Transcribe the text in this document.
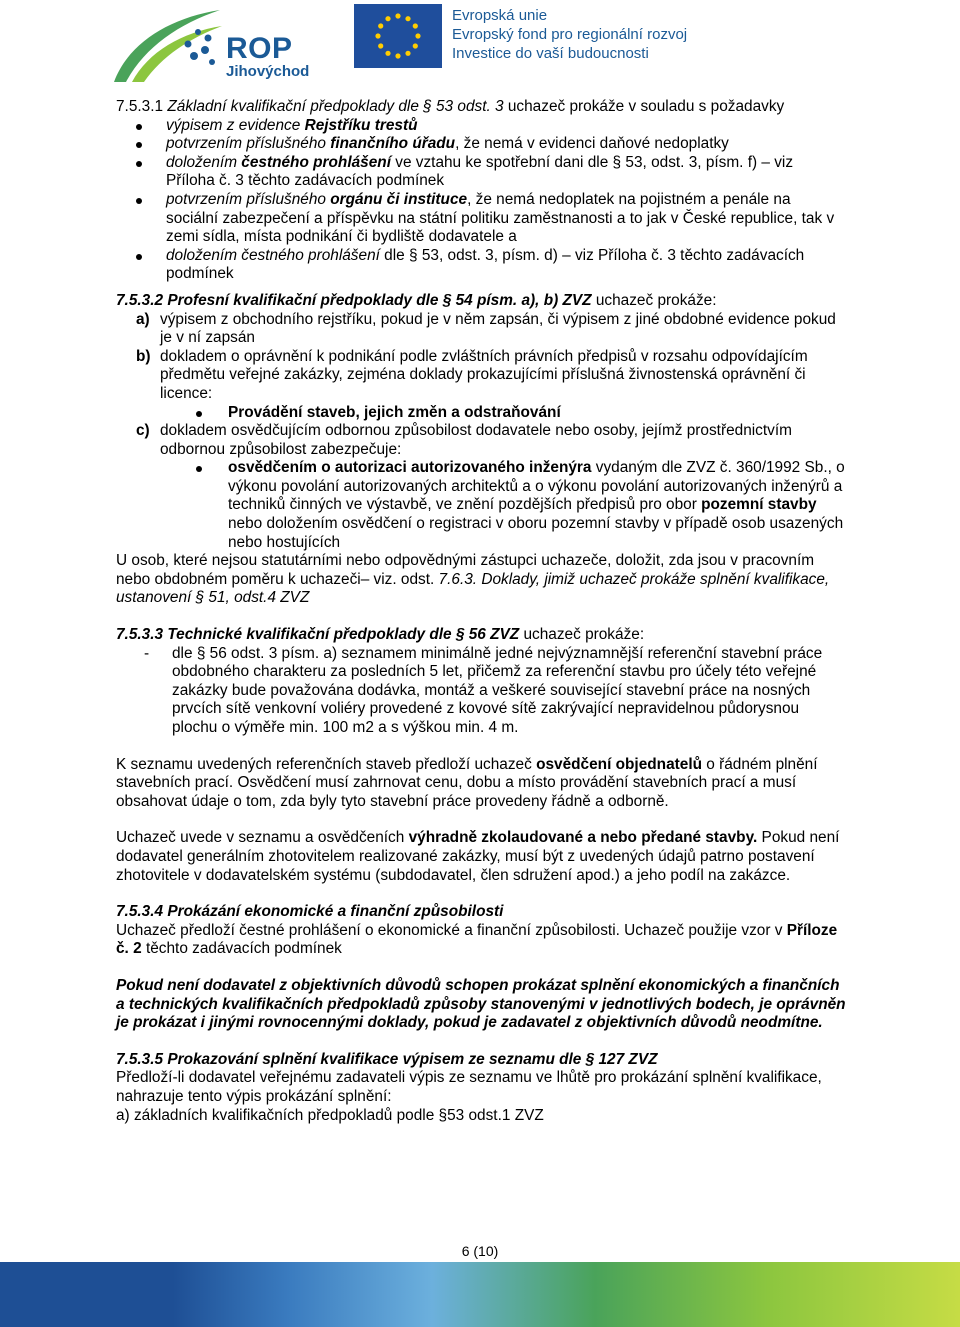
ROP
Jihovýchod
Evropská unie
Evropský fond pro regionální rozvoj
Investice do vaší budoucnosti

7.5.3.1 Základní kvalifikační předpoklady dle § 53 odst. 3 uchazeč prokáže v souladu s požadavky

výpisem z evidence Rejstříku trestů

potvrzením příslušného finančního úřadu, že nemá v evidenci daňové nedoplatky

doložením čestného prohlášení ve vztahu ke spotřební dani dle § 53, odst. 3, písm. f) – viz Příloha č. 3 těchto zadávacích podmínek

potvrzením příslušného orgánu či instituce, že nemá nedoplatek na pojistném a penále na sociální zabezpečení a příspěvku na státní politiku zaměstnanosti a to jak v České republice, tak v zemi sídla, místa podnikání či bydliště dodavatele a

doložením čestného prohlášení dle § 53, odst. 3, písm. d) – viz Příloha č. 3 těchto zadávacích podmínek

7.5.3.2 Profesní kvalifikační předpoklady dle § 54 písm. a), b) ZVZ uchazeč prokáže:

a) výpisem z obchodního rejstříku, pokud je v něm zapsán, či výpisem z jiné obdobné evidence pokud je v ní zapsán

b) dokladem o oprávnění k podnikání podle zvláštních právních předpisů v rozsahu odpovídajícím předmětu veřejné zakázky, zejména doklady prokazujícími příslušná živnostenská oprávnění či licence:

Provádění staveb, jejich změn a odstraňování

c) dokladem osvědčujícím odbornou způsobilost dodavatele nebo osoby, jejímž prostřednictvím odbornou způsobilost zabezpečuje:

osvědčením o autorizaci autorizovaného inženýra vydaným dle ZVZ č. 360/1992 Sb., o výkonu povolání autorizovaných architektů a o výkonu povolání autorizovaných inženýrů a techniků činných ve výstavbě, ve znění pozdějších předpisů pro obor pozemní stavby nebo doložením osvědčení o registraci v oboru pozemní stavby v případě osob usazených nebo hostujících

U osob, které nejsou statutárními nebo odpovědnými zástupci uchazeče, doložit, zda jsou v pracovním nebo obdobném poměru k uchazeči– viz. odst. 7.6.3. Doklady, jimiž uchazeč prokáže splnění kvalifikace, ustanovení § 51, odst.4 ZVZ

7.5.3.3 Technické kvalifikační předpoklady dle § 56 ZVZ uchazeč prokáže:

- dle § 56 odst. 3 písm. a) seznamem minimálně jedné nejvýznamnější referenční stavební práce obdobného charakteru za posledních 5 let, přičemž za referenční stavbu pro účely této veřejné zakázky bude považována dodávka, montáž a veškeré související stavební práce na nosných prvcích sítě venkovní voliéry provedené z kovové sítě zakrývající nepravidelnou půdorysnou plochu o výměře min. 100 m2 a s výškou min. 4 m.

K seznamu uvedených referenčních staveb předloží uchazeč osvědčení objednatelů o řádném plnění stavebních prací. Osvědčení musí zahrnovat cenu, dobu a místo provádění stavebních prací a musí obsahovat údaje o tom, zda byly tyto stavební práce provedeny řádně a odborně.

Uchazeč uvede v seznamu a osvědčeních výhradně zkolaudované a nebo předané stavby. Pokud není dodavatel generálním zhotovitelem realizované zakázky, musí být z uvedených údajů patrno postavení zhotovitele v dodavatelském systému (subdodavatel, člen sdružení apod.) a jeho podíl na zakázce.

7.5.3.4 Prokázání ekonomické a finanční způsobilosti

Uchazeč předloží čestné prohlášení o ekonomické a finanční způsobilosti. Uchazeč použije vzor v Příloze č. 2 těchto zadávacích podmínek

Pokud není dodavatel z objektivních důvodů schopen prokázat splnění ekonomických a finančních a technických kvalifikačních předpokladů způsoby stanovenými v jednotlivých bodech, je oprávněn je prokázat i jinými rovnocennými doklady, pokud je zadavatel z objektivních důvodů neodmítne.

7.5.3.5 Prokazování splnění kvalifikace výpisem ze seznamu dle § 127 ZVZ

Předloží-li dodavatel veřejnému zadavateli výpis ze seznamu ve lhůtě pro prokázání splnění kvalifikace, nahrazuje tento výpis prokázání splnění:

a) základních kvalifikačních předpokladů podle §53 odst.1 ZVZ

6 (10)
